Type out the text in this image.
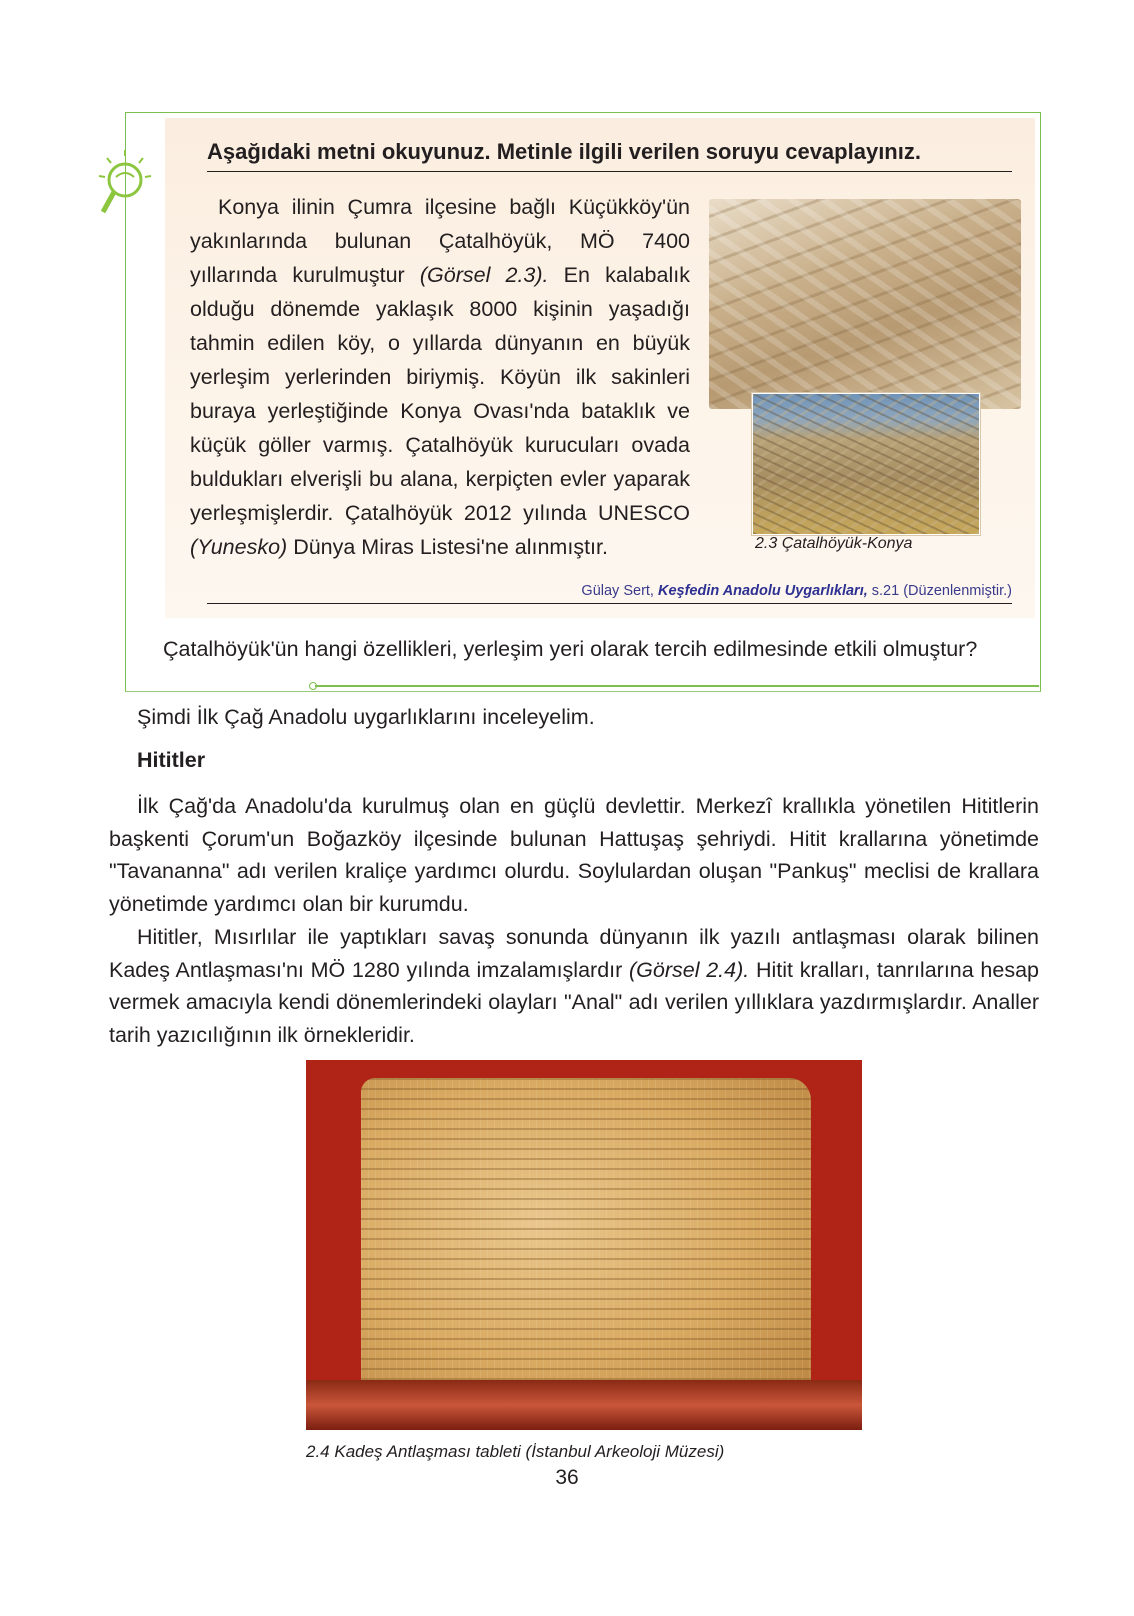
Aşağıdaki metni okuyunuz. Metinle ilgili verilen soruyu cevaplayınız.

Konya ilinin Çumra ilçesine bağlı Küçükköy'ün yakınlarında bulunan Çatalhöyük, MÖ 7400 yıllarında kurulmuştur (Görsel 2.3). En kalabalık olduğu dönemde yaklaşık 8000 kişinin yaşadığı tahmin edilen köy, o yıllarda dünyanın en büyük yerleşim yerlerinden biriymiş. Köyün ilk sakinleri buraya yerleştiğinde Konya Ovası'nda bataklık ve küçük göller varmış. Çatalhöyük kurucuları ovada buldukları elverişli bu alana, kerpiçten evler yaparak yerleşmişlerdir. Çatalhöyük 2012 yılında UNESCO (Yunesko) Dünya Miras Listesi'ne alınmıştır.	2.3 Çatalhöyük-Konya
Gülay Sert, Keşfedin Anadolu Uygarlıkları, s.21 (Düzenlenmiştir.)
Çatalhöyük'ün hangi özellikleri, yerleşim yeri olarak tercih edilmesinde etkili olmuştur?
Şimdi İlk Çağ Anadolu uygarlıklarını inceleyelim.
Hititler

İlk Çağ'da Anadolu'da kurulmuş olan en güçlü devlettir. Merkezî krallıkla yönetilen Hititlerin başkenti Çorum'un Boğazköy ilçesinde bulunan Hattuşaş şehriydi. Hitit krallarına yönetimde "Tavananna" adı verilen kraliçe yardımcı olurdu. Soylulardan oluşan "Pankuş" meclisi de krallara yönetimde yardımcı olan bir kurumdu.

Hititler, Mısırlılar ile yaptıkları savaş sonunda dünyanın ilk yazılı antlaşması olarak bilinen Kadeş Antlaşması'nı MÖ 1280 yılında imzalamışlardır (Görsel 2.4). Hitit kralları, tanrılarına hesap vermek amacıyla kendi dönemlerindeki olayları "Anal" adı verilen yıllıklara yazdırmışlardır. Analler tarih yazıcılığının ilk örnekleridir.

2.4 Kadeş Antlaşması tableti (İstanbul Arkeoloji Müzesi)
36
